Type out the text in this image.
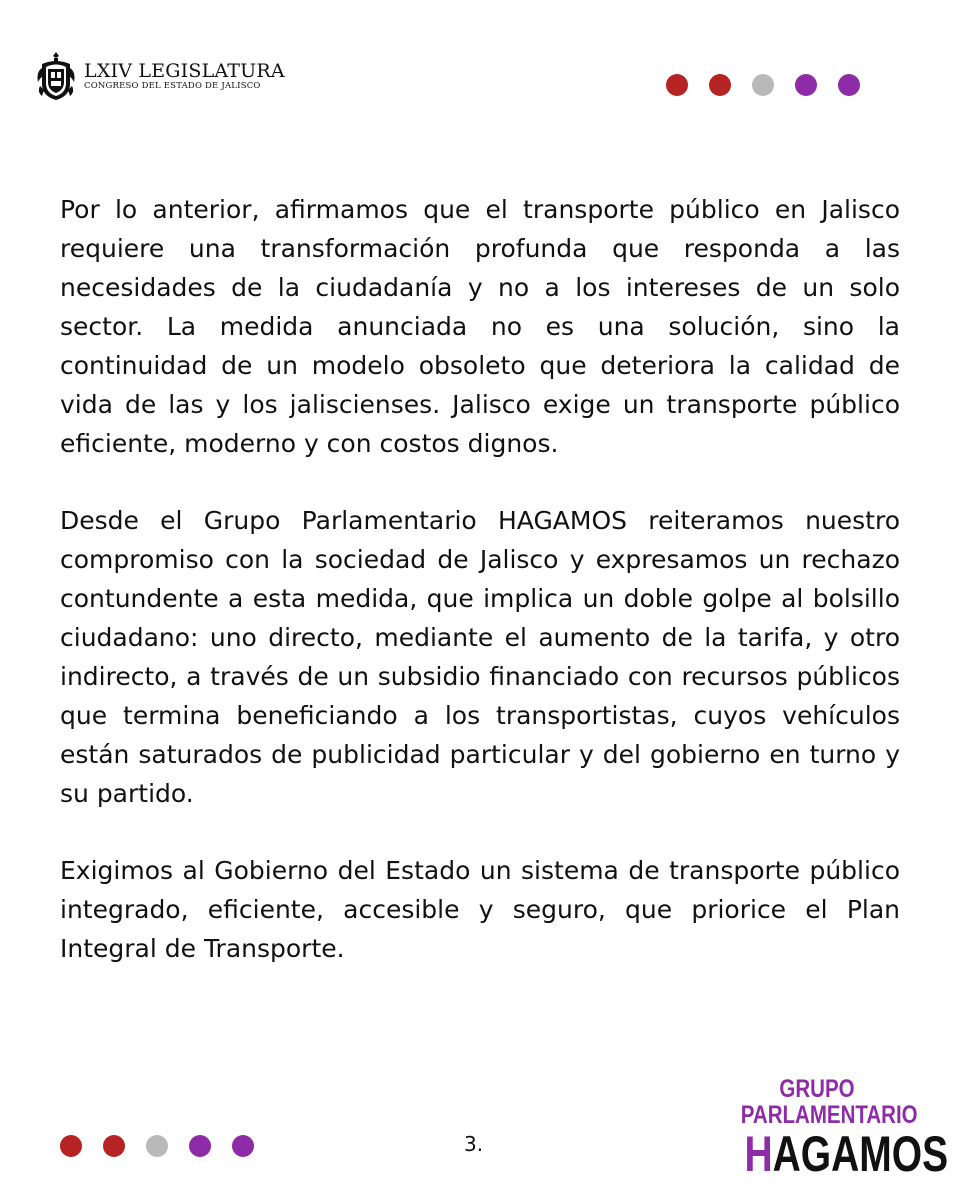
LXIV LEGISLATURA
CONGRESO DEL ESTADO DE JALISCO

Por lo anterior, afirmamos que el transporte público en Jalisco requiere una transformación profunda que responda a las necesidades de la ciudadanía y no a los intereses de un solo sector. La medida anunciada no es una solución, sino la continuidad de un modelo obsoleto que deteriora la calidad de vida de las y los jaliscienses. Jalisco exige un transporte público eficiente, moderno y con costos dignos.

Desde el Grupo Parlamentario HAGAMOS reiteramos nuestro compromiso con la sociedad de Jalisco y expresamos un rechazo contundente a esta medida, que implica un doble golpe al bolsillo ciudadano: uno directo, mediante el aumento de la tarifa, y otro indirecto, a través de un subsidio financiado con recursos públicos que termina beneficiando a los transportistas, cuyos vehículos están saturados de publicidad particular y del gobierno en turno y su partido.

Exigimos al Gobierno del Estado un sistema de transporte público integrado, eficiente, accesible y seguro, que priorice el Plan Integral de Transporte.

3.
GRUPO
PARLAMENTARIO
HAGAMOS
